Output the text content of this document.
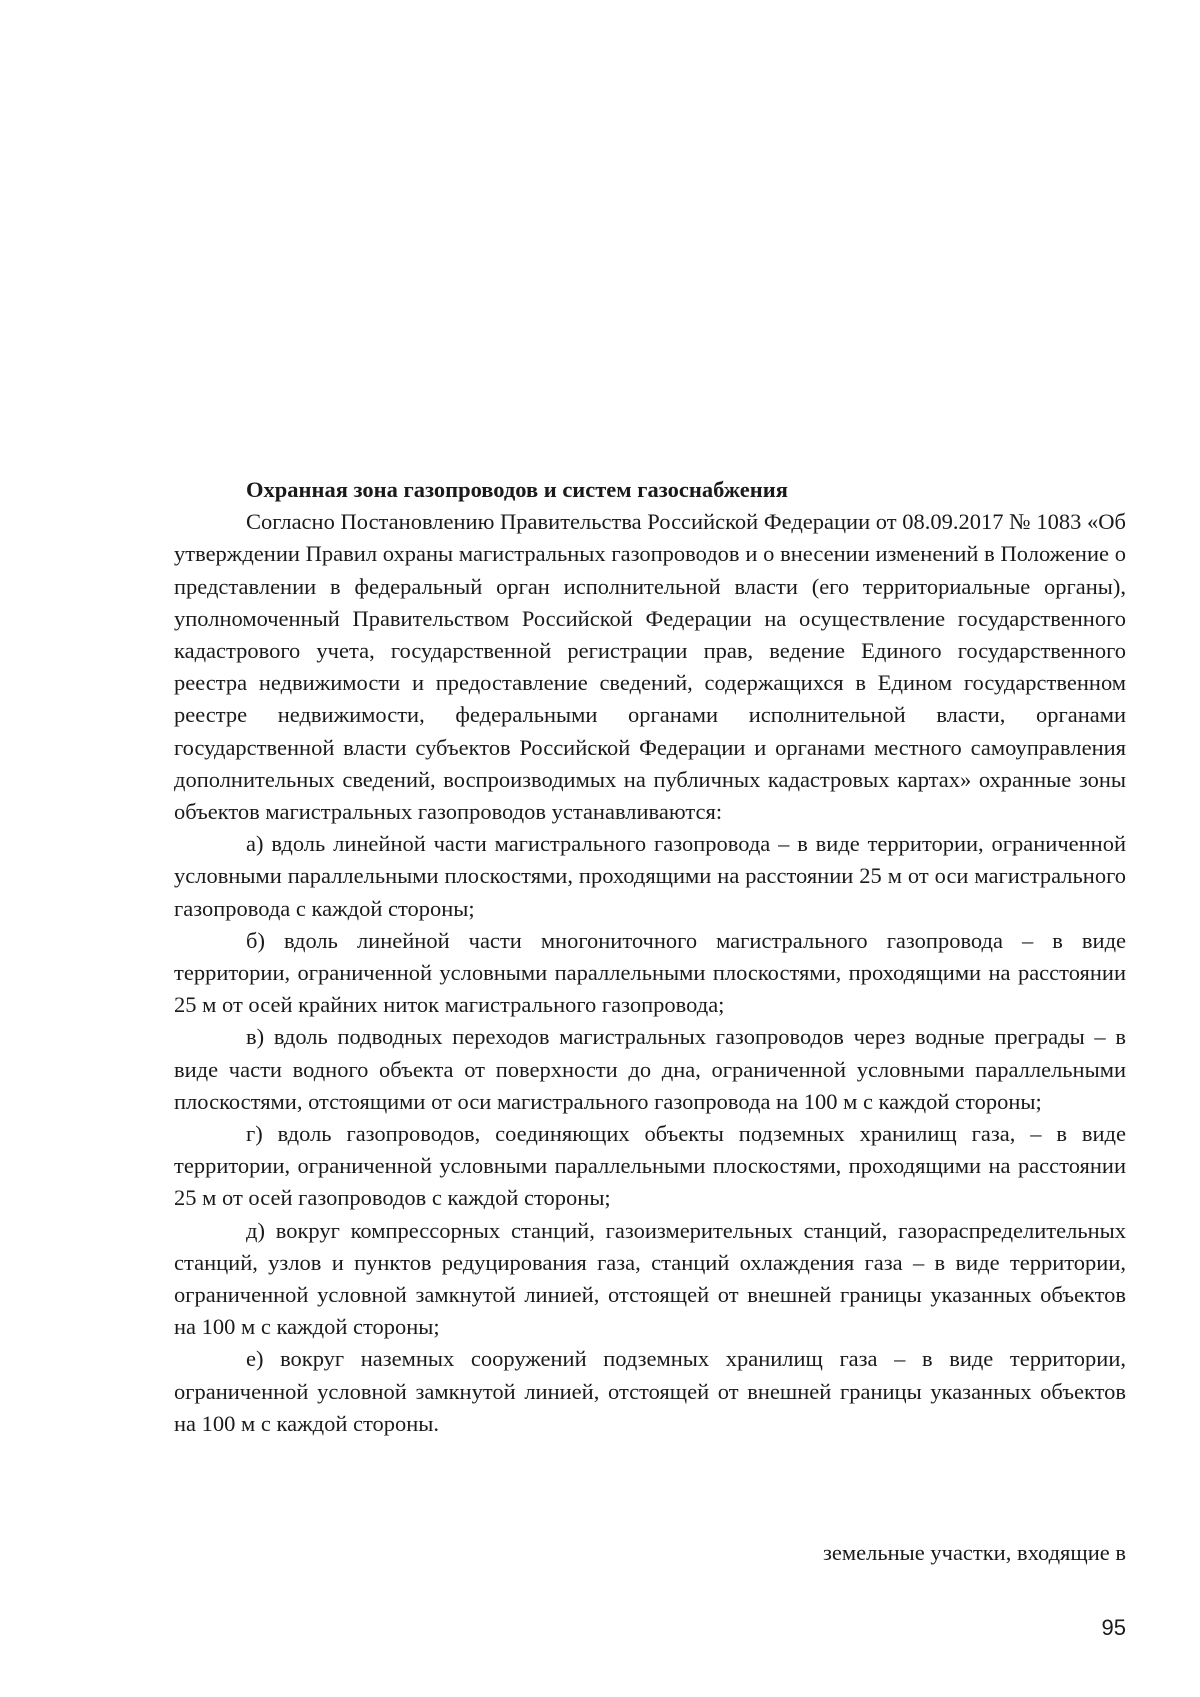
Охранная зона газопроводов и систем газоснабжения

Согласно Постановлению Правительства Российской Федерации от 08.09.2017 № 1083 «Об утверждении Правил охраны магистральных газопроводов и о внесении изменений в Положение о представлении в федеральный орган исполнительной власти (его территориальные органы), уполномоченный Правительством Российской Федерации на осуществление государственного кадастрового учета, государственной регистрации прав, ведение Единого государственного реестра недвижимости и предоставление сведений, содержащихся в Едином государственном реестре недвижимости, федеральными органами исполнительной власти, органами государственной власти субъектов Российской Федерации и органами местного самоуправления дополнительных сведений, воспроизводимых на публичных кадастровых картах» охранные зоны объектов магистральных газопроводов устанавливаются:

а) вдоль линейной части магистрального газопровода – в виде территории, ограниченной условными параллельными плоскостями, проходящими на расстоянии 25 м от оси магистрального газопровода с каждой стороны;

б) вдоль линейной части многониточного магистрального газопровода – в виде территории, ограниченной условными параллельными плоскостями, проходящими на расстоянии 25 м от осей крайних ниток магистрального газопровода;

в) вдоль подводных переходов магистральных газопроводов через водные преграды – в виде части водного объекта от поверхности до дна, ограниченной условными параллельными плоскостями, отстоящими от оси магистрального газопровода на 100 м с каждой стороны;

г) вдоль газопроводов, соединяющих объекты подземных хранилищ газа, – в виде территории, ограниченной условными параллельными плоскостями, проходящими на расстоянии 25 м от осей газопроводов с каждой стороны;

д) вокруг компрессорных станций, газоизмерительных станций, газораспределительных станций, узлов и пунктов редуцирования газа, станций охлаждения газа – в виде территории, ограниченной условной замкнутой линией, отстоящей от внешней границы указанных объектов на 100 м с каждой стороны;

е) вокруг наземных сооружений подземных хранилищ газа – в виде территории, ограниченной условной замкнутой линией, отстоящей от внешней границы указанных объектов на 100 м с каждой стороны.

земельные участки, входящие в

95
